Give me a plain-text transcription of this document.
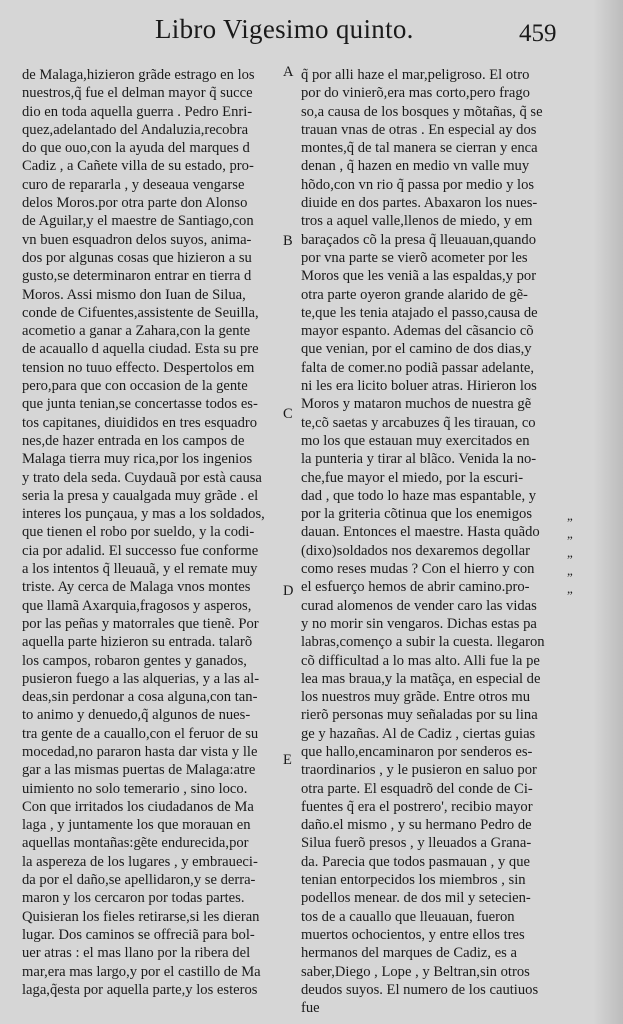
Libro Vigesimo quinto.	459
de Malaga,hizieron grãde estrago en los
nuestros,q̃ fue el delman mayor q̃ succe
dio en toda aquella guerra . Pedro Enri-
quez,adelantado del Andaluzia,recobra
do que ouo,con la ayuda del marques d
Cadiz , a Cañete villa de su estado, pro-
curo de repararla , y deseaua vengarse
delos Moros.por otra parte don Alonso
de Aguilar,y el maestre de Santiago,con
vn buen esquadron delos suyos, anima-
dos por algunas cosas que hizieron a su
gusto,se determinaron entrar en tierra d
Moros. Assi mismo don Iuan de Silua,
conde de Cifuentes,assistente de Seuilla,
acometio a ganar a Zahara,con la gente
de acauallo d aquella ciudad. Esta su pre
tension no tuuo effecto. Despertolos em
pero,para que con occasion de la gente
que junta tenian,se concertasse todos es-
tos capitanes, diuididos en tres esquadro
nes,de hazer entrada en los campos de
Malaga tierra muy rica,por los ingenios
y trato dela seda. Cuydauã por està causa
seria la presa y caualgada muy grãde . el
interes los punçaua, y mas a los soldados,
que tienen el robo por sueldo, y la codi-
cia por adalid. El successo fue conforme
a los intentos q̃ lleuauã, y el remate muy
triste. Ay cerca de Malaga vnos montes
que llamã Axarquia,fragosos y asperos,
por las peñas y matorrales que tienẽ. Por
aquella parte hizieron su entrada. talarõ
los campos, robaron gentes y ganados,
pusieron fuego a las alquerias, y a las al-
deas,sin perdonar a cosa alguna,con tan-
to animo y denuedo,q̃ algunos de nues-
tra gente de a cauallo,con el feruor de su
mocedad,no pararon hasta dar vista y lle
gar a las mismas puertas de Malaga:atre
uimiento no solo temerario , sino loco.
Con que irritados los ciudadanos de Ma
laga , y juntamente los que morauan en
aquellas montañas:gẽte endurecida,por
la aspereza de los lugares , y embraueci-
da por el daño,se apellidaron,y se derra-
maron y los cercaron por todas partes.
Quisieran los fieles retirarse,si les dieran
lugar. Dos caminos se offreciã para bol-
uer atras : el mas llano por la ribera del
mar,era mas largo,y por el castillo de Ma
laga,q̃esta por aquella parte,y los esteros
q̃ por alli haze el mar,peligroso. El otro
por do vinierõ,era mas corto,pero frago
so,a causa de los bosques y mõtañas, q̃ se
trauan vnas de otras . En especial ay dos
montes,q̃ de tal manera se cierran y enca
denan , q̃ hazen en medio vn valle muy
hõdo,con vn rio q̃ passa por medio y los
diuide en dos partes. Abaxaron los nues-
tros a aquel valle,llenos de miedo, y em
baraçados cõ la presa q̃ lleuauan,quando
por vna parte se vierõ acometer por les
Moros que les veniã a las espaldas,y por
otra parte oyeron grande alarido de gẽ-
te,que les tenia atajado el passo,causa de
mayor espanto. Ademas del cãsancio cõ
que venian, por el camino de dos dias,y
falta de comer.no podiã passar adelante,
ni les era licito boluer atras. Hirieron los
Moros y mataron muchos de nuestra gẽ
te,cõ saetas y arcabuzes q̃ les tirauan, co
mo los que estauan muy exercitados en
la punteria y tirar al blãco. Venida la no-
che,fue mayor el miedo, por la escuri-
dad , que todo lo haze mas espantable, y
por la griteria cõtinua que los enemigos
dauan. Entonces el maestre. Hasta quãdo
(dixo)soldados nos dexaremos degollar
como reses mudas ? Con el hierro y con
el esfuerço hemos de abrir camino.pro-
curad alomenos de vender caro las vidas
y no morir sin vengaros. Dichas estas pa
labras,començo a subir la cuesta. llegaron
cõ difficultad a lo mas alto. Alli fue la pe
lea mas braua,y la matãça, en especial de
los nuestros muy grãde. Entre otros mu
rierõ personas muy señaladas por su lina
ge y hazañas. Al de Cadiz , ciertas guias
que hallo,encaminaron por senderos es-
traordinarios , y le pusieron en saluo por
otra parte. El esquadrõ del conde de Ci-
fuentes q̃ era el postrero', recibio mayor
daño.el mismo , y su hermano Pedro de
Silua fuerõ presos , y lleuados a Grana-
da. Parecia que todos pasmauan , y que
tenian entorpecidos los miembros , sin
podellos menear. de dos mil y setecien-
tos de a cauallo que lleuauan, fueron
muertos ochocientos, y entre ellos tres
hermanos del marques de Cadiz, es a
saber,Diego , Lope , y Beltran,sin otros
deudos suyos. El numero de los cautiuos
fue
A
B
C
D
E
„
„
„
„
„
